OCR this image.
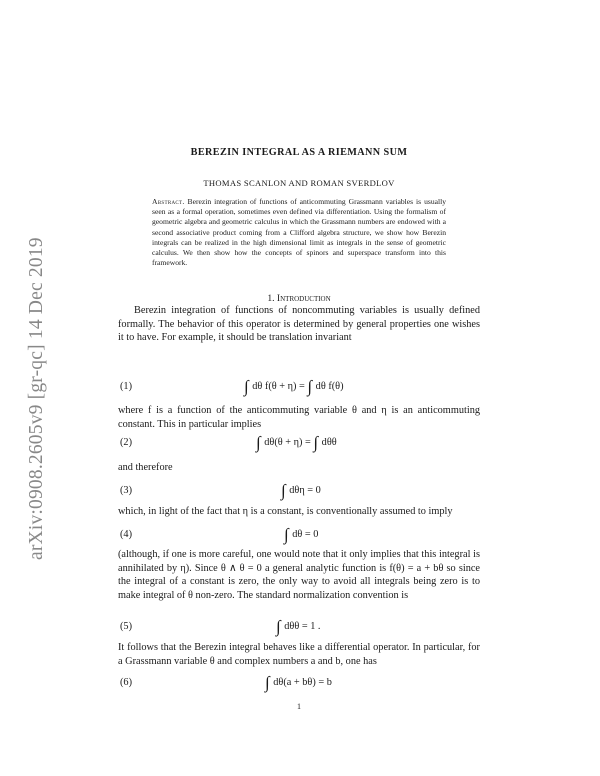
arXiv:0908.2605v9 [gr-qc] 14 Dec 2019
BEREZIN INTEGRAL AS A RIEMANN SUM
THOMAS SCANLON AND ROMAN SVERDLOV
Abstract. Berezin integration of functions of anticommuting Grassmann variables is usually seen as a formal operation, sometimes even defined via differentiation. Using the formalism of geometric algebra and geometric calculus in which the Grassmann numbers are endowed with a second associative product coming from a Clifford algebra structure, we show how Berezin integrals can be realized in the high dimensional limit as integrals in the sense of geometric calculus. We then show how the concepts of spinors and superspace transform into this framework.
1. Introduction

Berezin integration of functions of noncommuting variables is usually defined formally. The behavior of this operator is determined by general properties one wishes it to have. For example, it should be translation invariant

(1)	∫ dθ f(θ + η) = ∫ dθ f(θ)

where f is a function of the anticommuting variable θ and η is an anticommuting constant. This in particular implies

(2)	∫ dθ(θ + η) = ∫ dθθ

and therefore

(3)	∫ dθη = 0

which, in light of the fact that η is a constant, is conventionally assumed to imply

(4)	∫ dθ = 0

(although, if one is more careful, one would note that it only implies that this integral is annihilated by η). Since θ ∧ θ = 0 a general analytic function is f(θ) = a + bθ so since the integral of a constant is zero, the only way to avoid all integrals being zero is to make integral of θ non-zero. The standard normalization convention is

(5)	∫ dθθ = 1 .

It follows that the Berezin integral behaves like a differential operator. In particular, for a Grassmann variable θ and complex numbers a and b, one has

(6)	∫ dθ(a + bθ) = b
1
